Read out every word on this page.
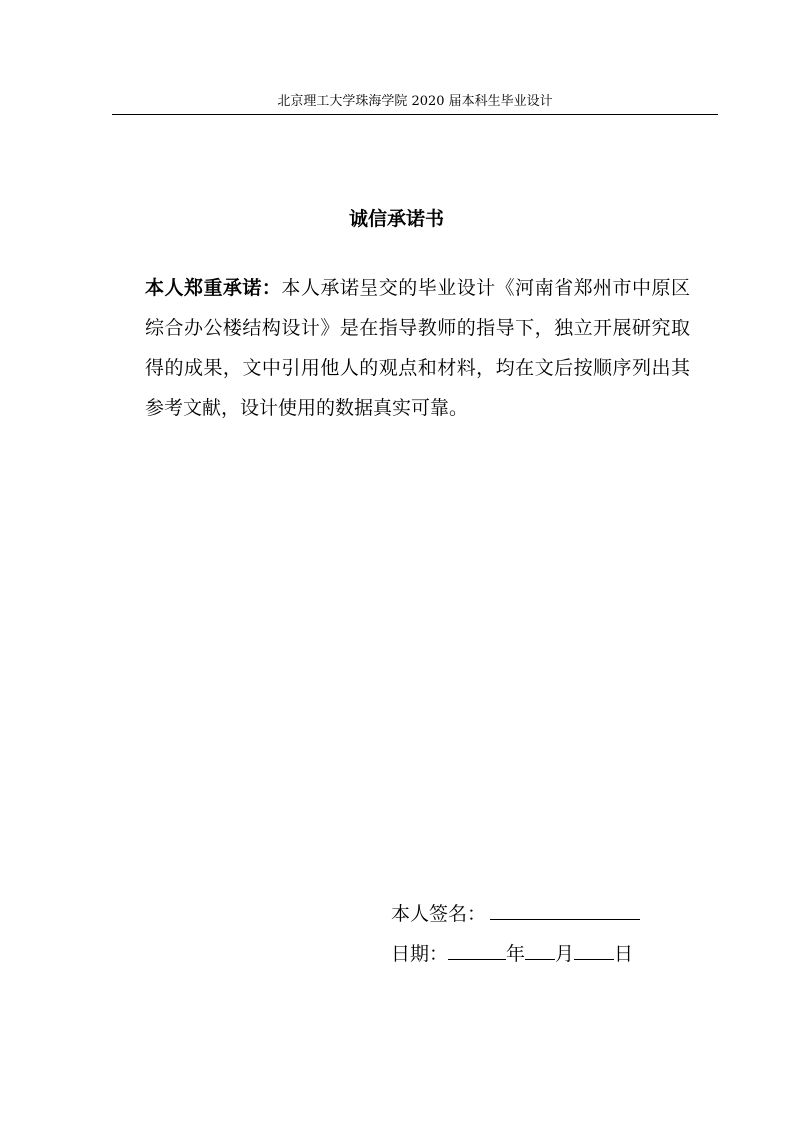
北京理工大学珠海学院 2020 届本科生毕业设计
诚信承诺书

本人郑重承诺：本人承诺呈交的毕业设计《河南省郑州市中原区综合办公楼结构设计》是在指导教师的指导下，独立开展研究取得的成果，文中引用他人的观点和材料，均在文后按顺序列出其参考文献，设计使用的数据真实可靠。

本人签名：
日期：	年 月 日
